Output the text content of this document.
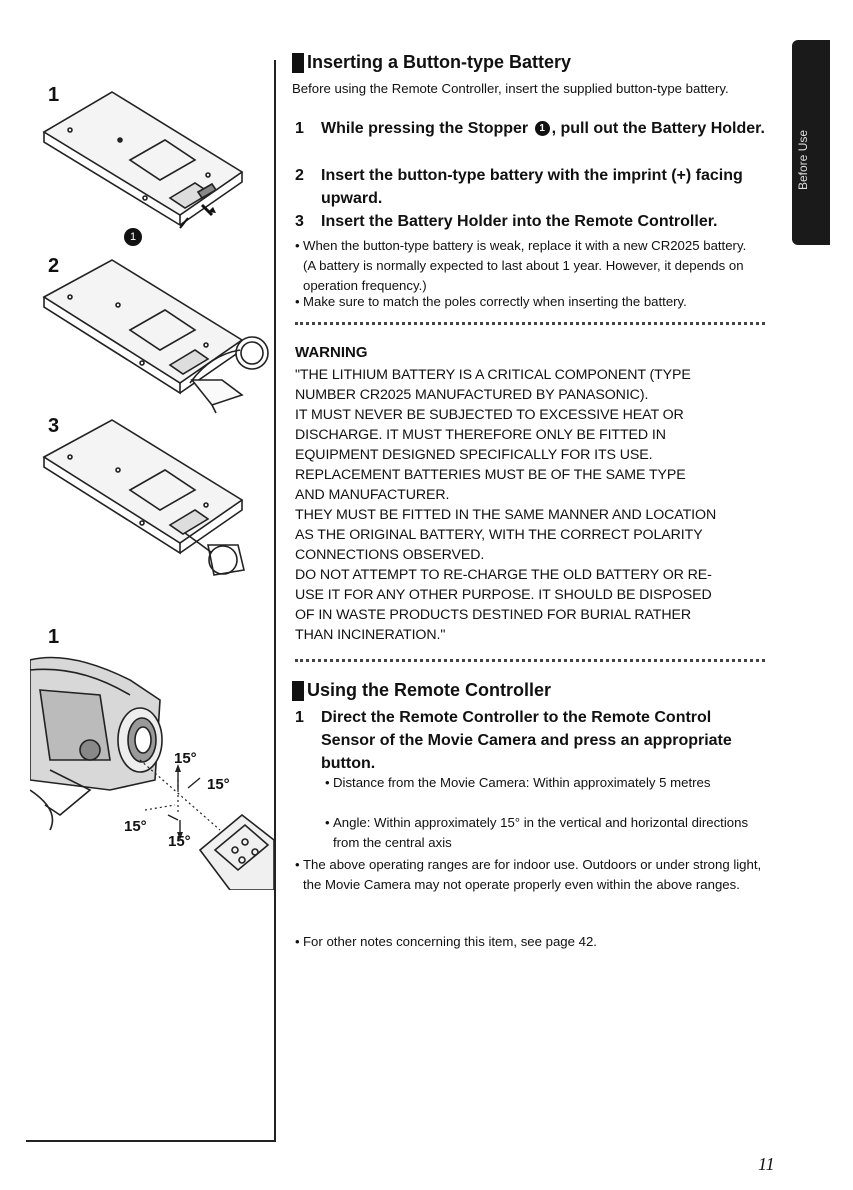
1
2
3
1
1
15°
15°
15°
15°
Before Use
Inserting a Button-type Battery
Before using the Remote Controller, insert the supplied button-type battery.
1 While pressing the Stopper 1 , pull out the Battery Holder.
2 Insert the button-type battery with the imprint (+) facing upward.
3 Insert the Battery Holder into the Remote Controller.
• When the button-type battery is weak, replace it with a new CR2025 battery. (A battery is normally expected to last about 1 year. However, it depends on operation frequency.)
• Make sure to match the poles correctly when inserting the battery.
WARNING
"THE LITHIUM BATTERY IS A CRITICAL COMPONENT (TYPE
NUMBER CR2025 MANUFACTURED BY PANASONIC).
IT MUST NEVER BE SUBJECTED TO EXCESSIVE HEAT OR
DISCHARGE. IT MUST THEREFORE ONLY BE FITTED IN
EQUIPMENT DESIGNED SPECIFICALLY FOR ITS USE.
REPLACEMENT BATTERIES MUST BE OF THE SAME TYPE
AND MANUFACTURER.
THEY MUST BE FITTED IN THE SAME MANNER AND LOCATION
AS THE ORIGINAL BATTERY, WITH THE CORRECT POLARITY
CONNECTIONS OBSERVED.
DO NOT ATTEMPT TO RE-CHARGE THE OLD BATTERY OR RE-
USE IT FOR ANY OTHER PURPOSE. IT SHOULD BE DISPOSED
OF IN WASTE PRODUCTS DESTINED FOR BURIAL RATHER
THAN INCINERATION."
Using the Remote Controller
1 Direct the Remote Controller to the Remote Control Sensor of the Movie Camera and press an appropriate button.
• Distance from the Movie Camera: Within approximately 5 metres
• Angle: Within approximately 15° in the vertical and horizontal directions from the central axis
• The above operating ranges are for indoor use. Outdoors or under strong light, the Movie Camera may not operate properly even within the above ranges.
• For other notes concerning this item, see page 42.
11
